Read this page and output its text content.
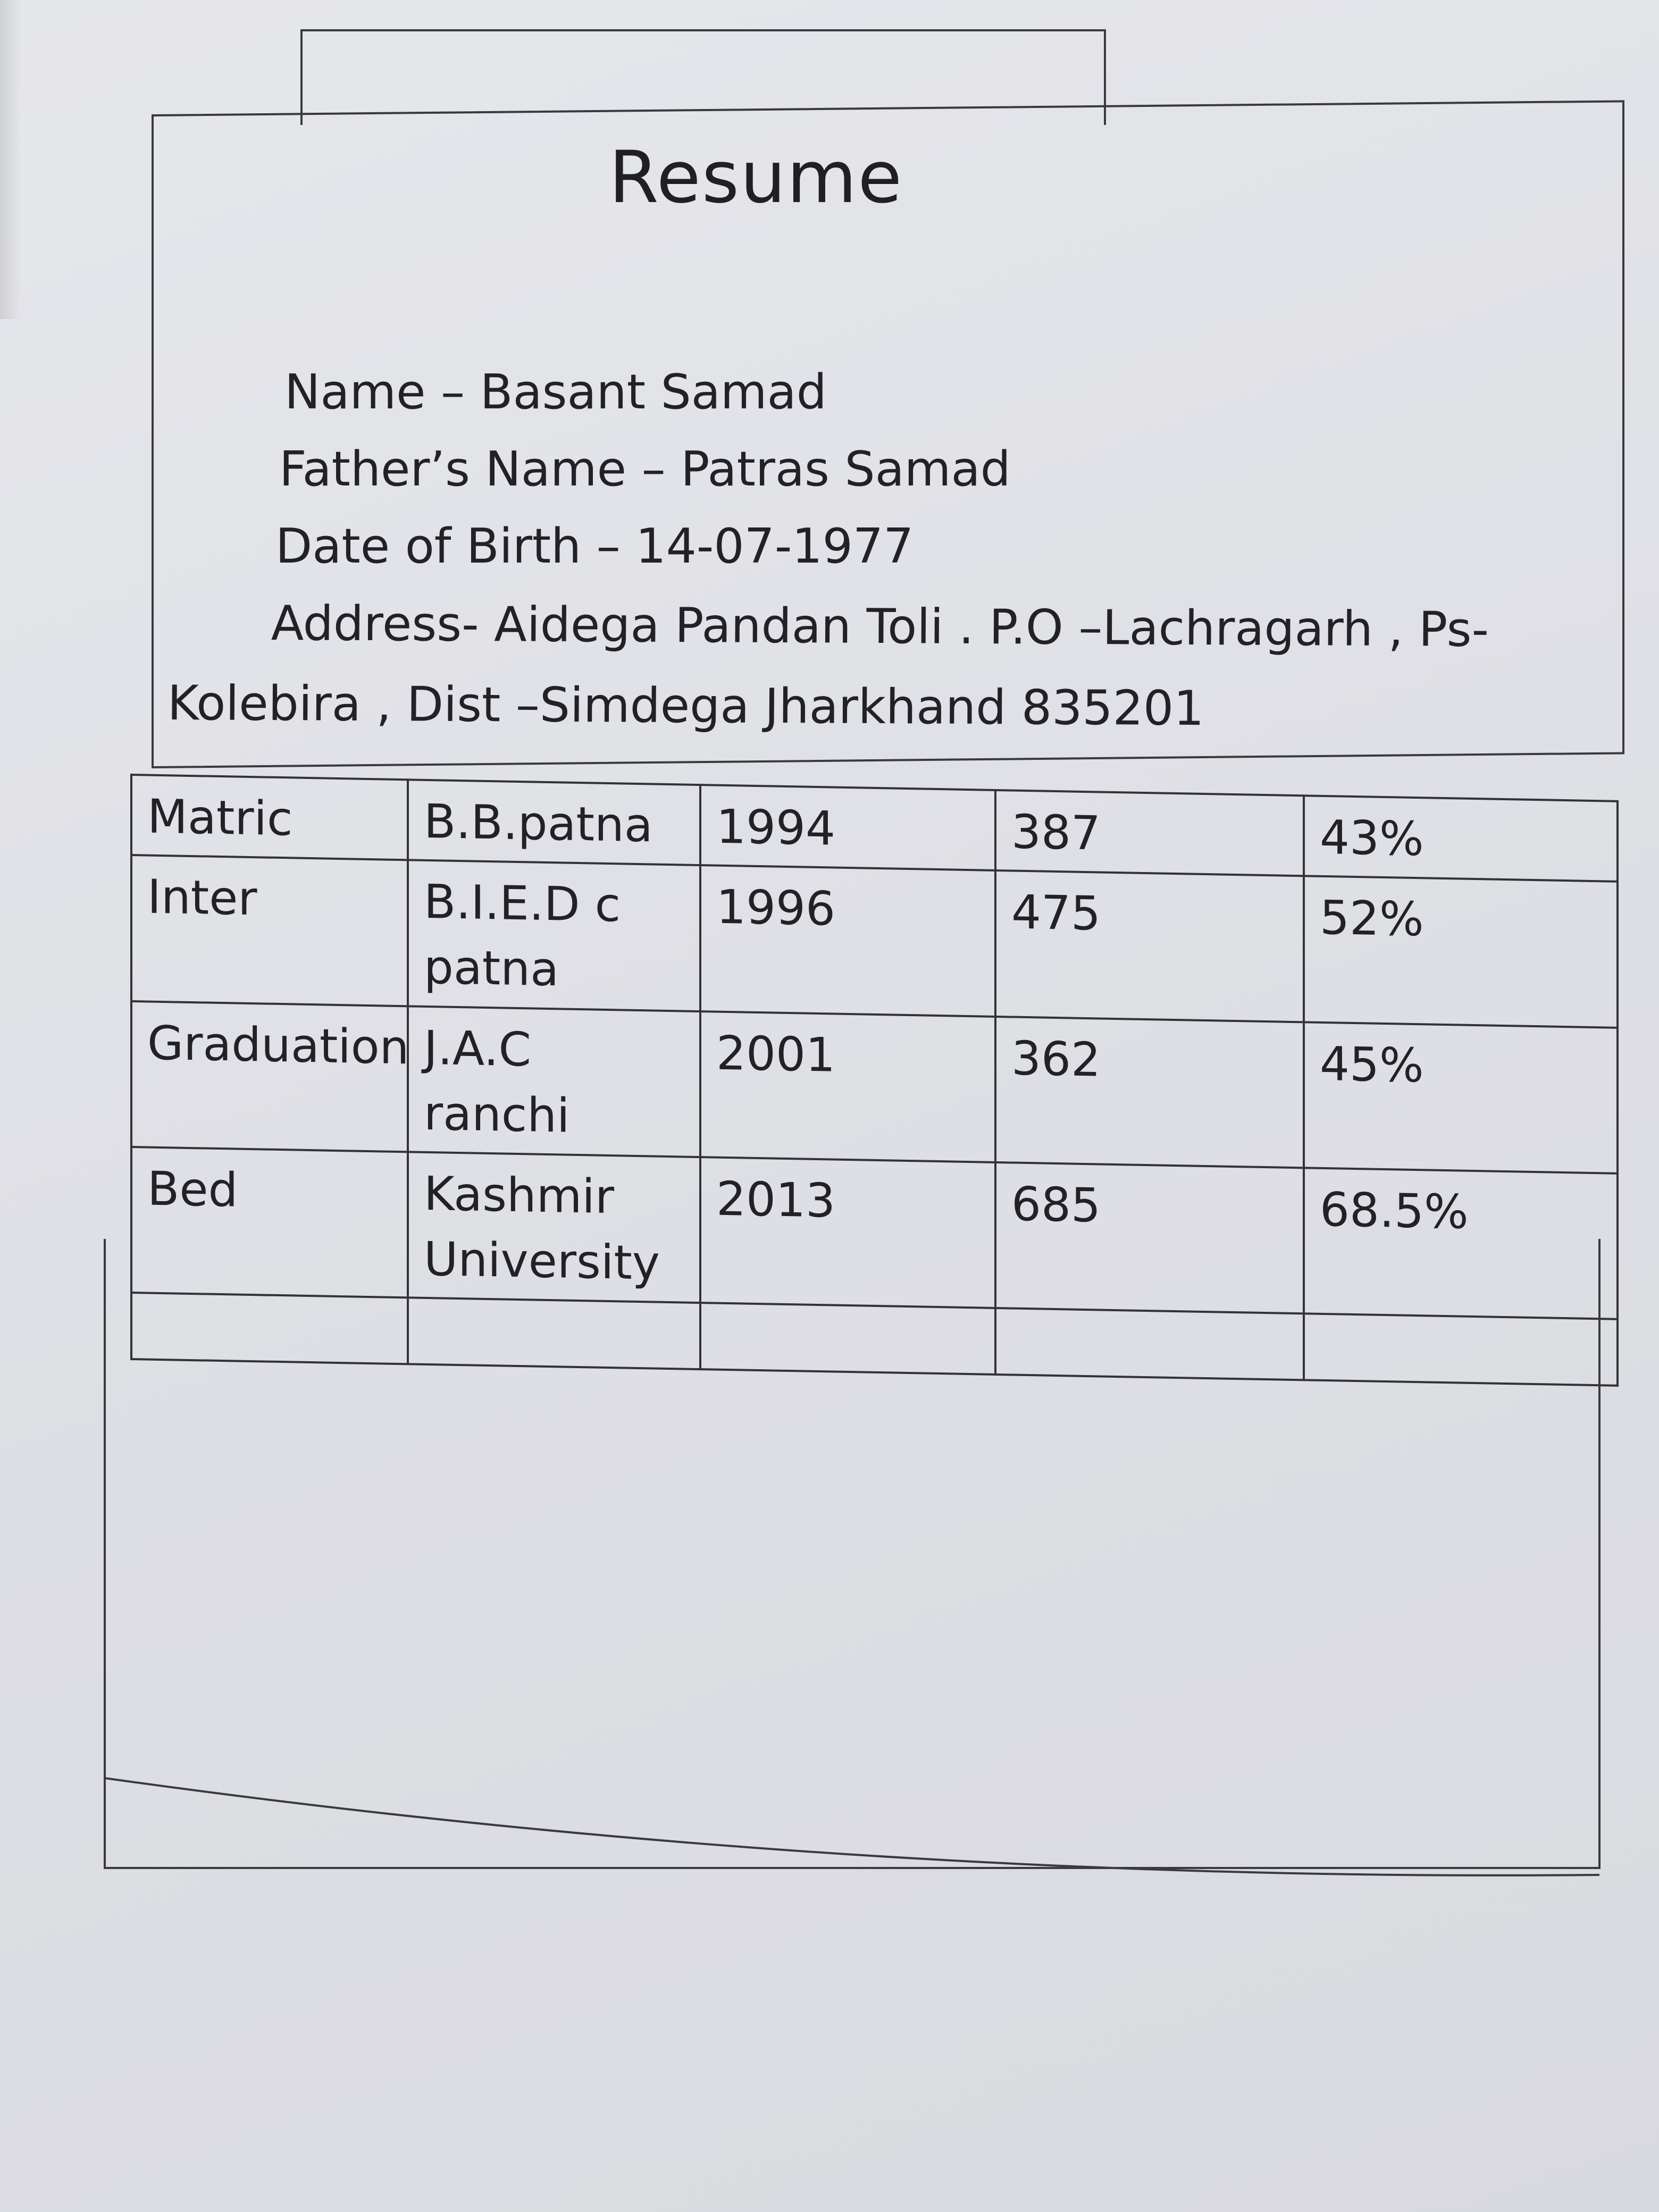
Resume
Name – Basant Samad
Father’s Name – Patras Samad
Date of Birth – 14-07-1977
Address- Aidega Pandan Toli . P.O –Lachragarh , Ps-
Kolebira , Dist –Simdega Jharkhand 835201
Matric	B.B.patna	1994	387	43%
Inter	B.I.E.D c patna	1996	475	52%
Graduation	J.A.C ranchi	2001	362	45%
Bed	Kashmir University	2013	685	68.5%
